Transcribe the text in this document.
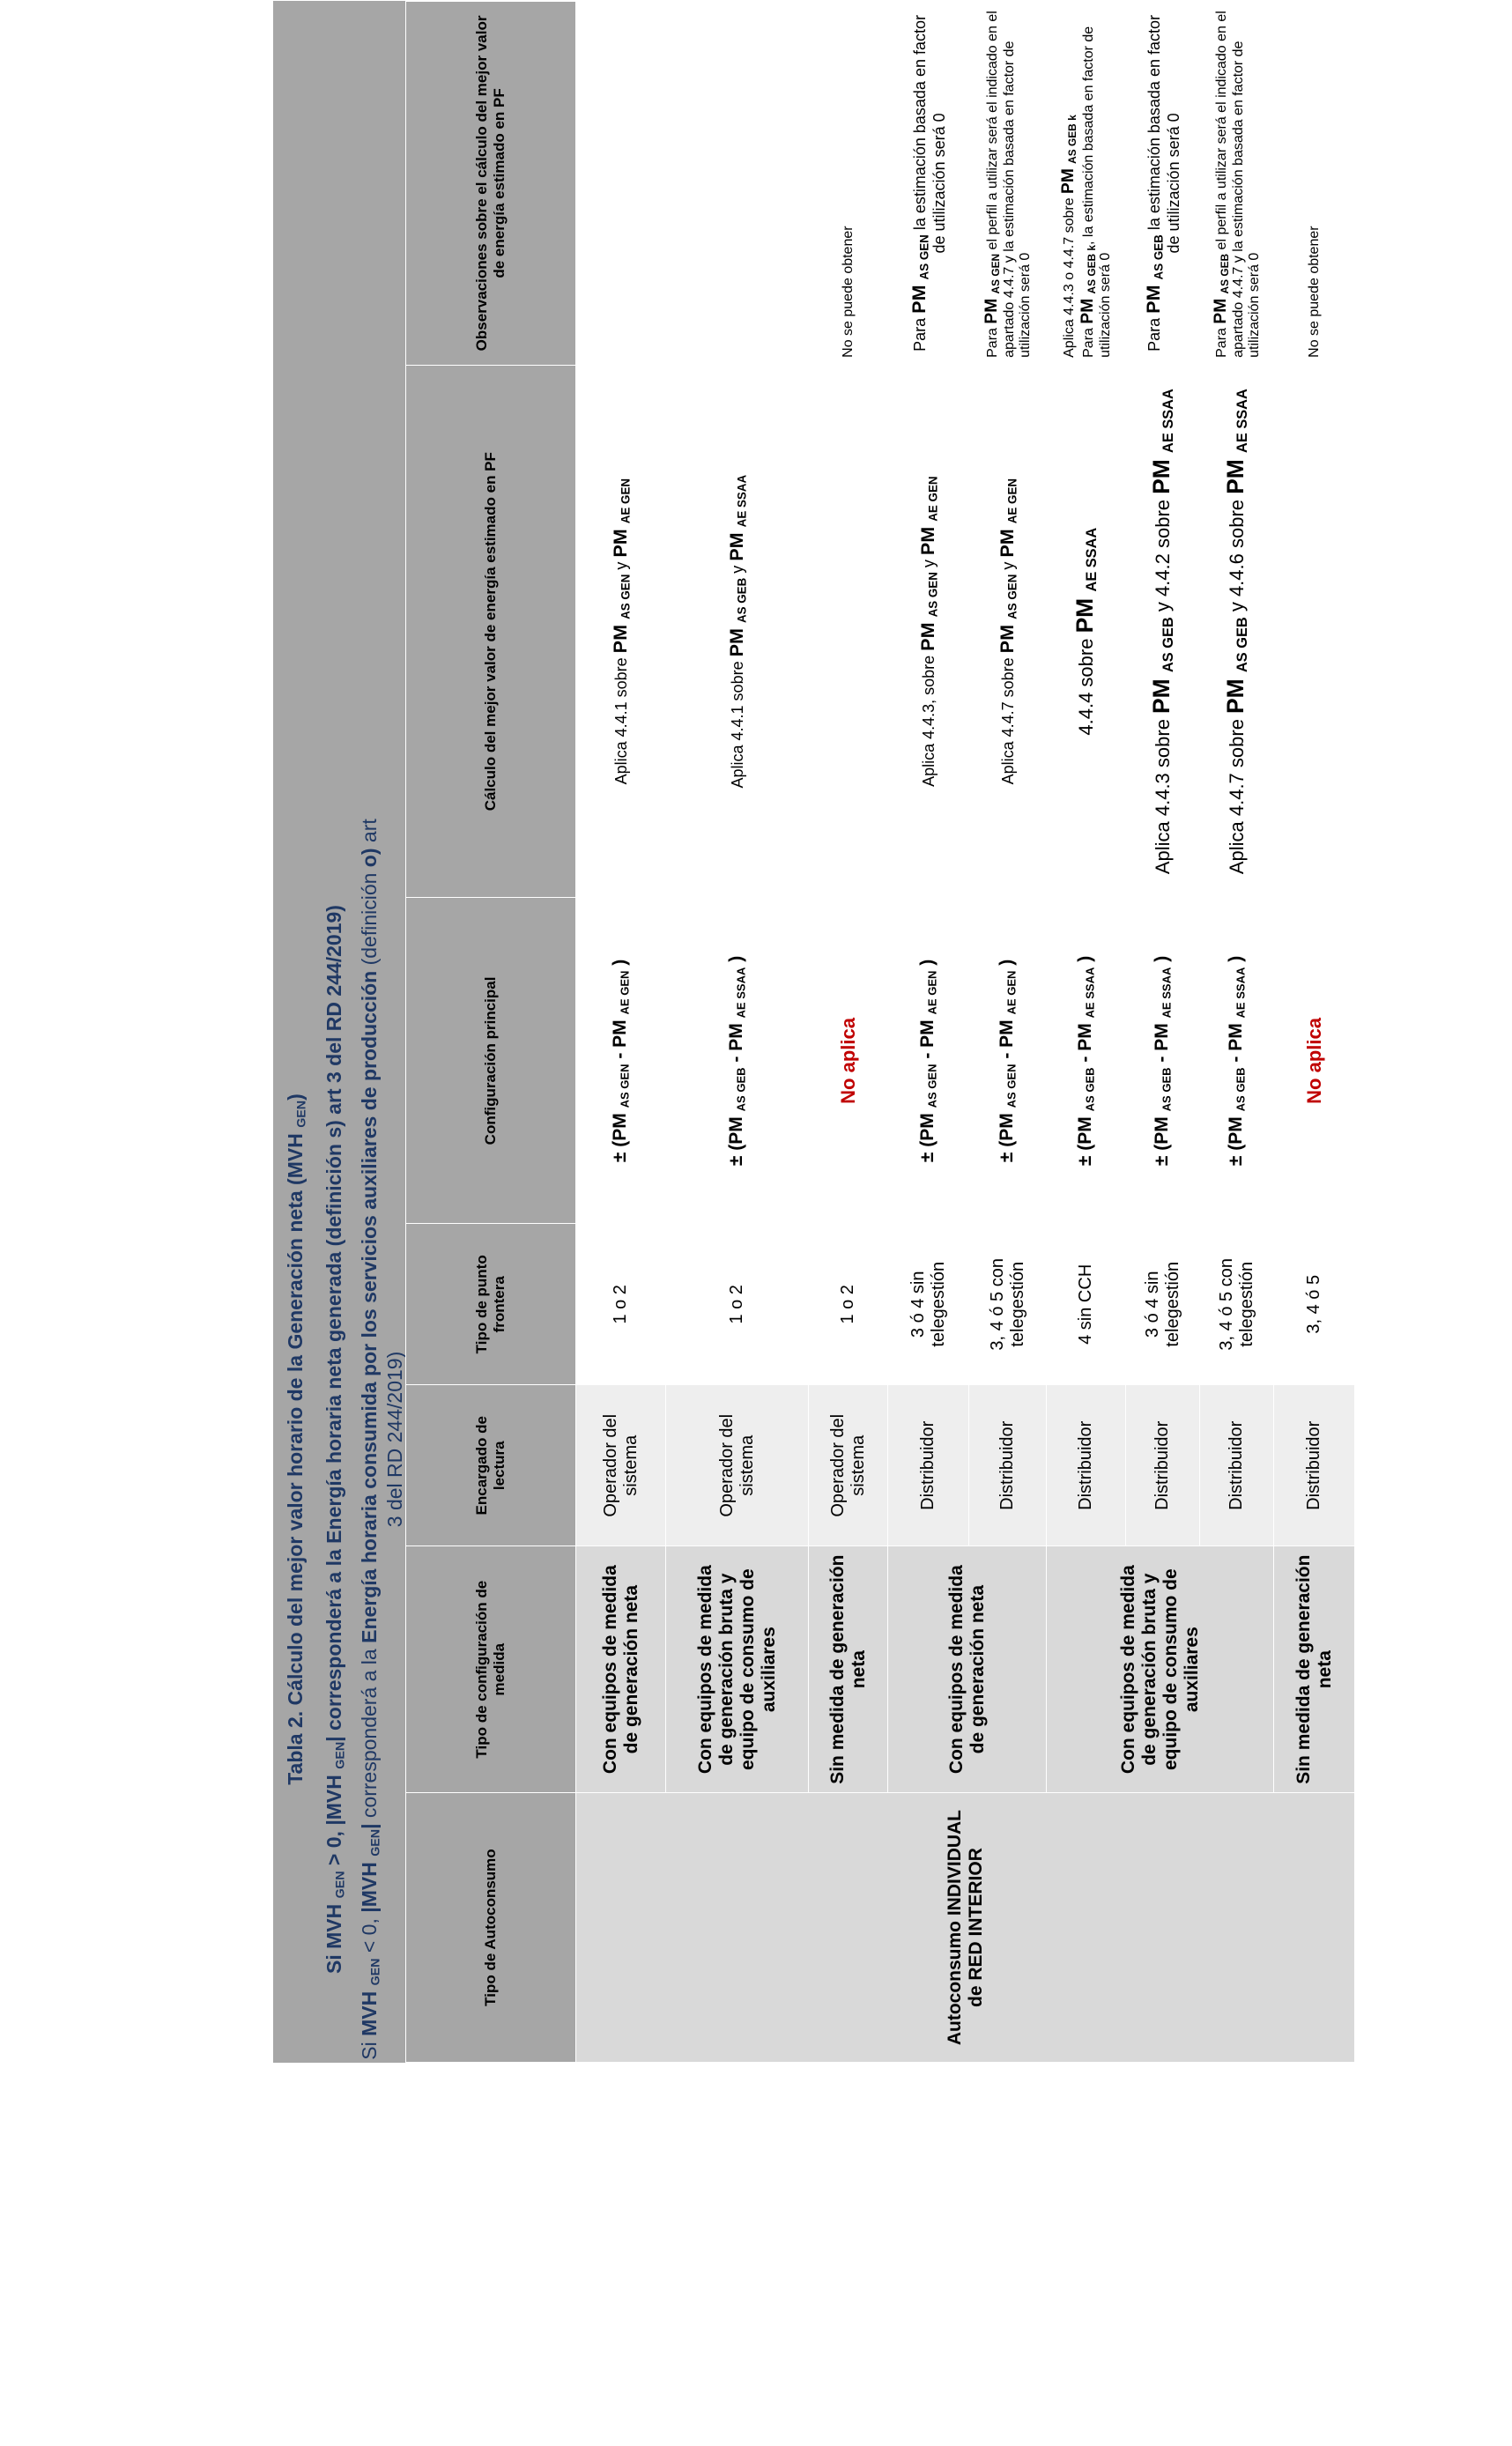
Tabla 2. Cálculo del mejor valor horario de la Generación neta (MVH $_{GEN}$)
Si MVH $_{GEN}$ > 0, |MVH $_{GEN}$| corresponderá a la Energía horaria neta generada (definición s) art 3 del RD 244/2019)
Si MVH $_{GEN}$ < 0, |MVH $_{GEN}$| corresponderá a la Energía horaria consumida por los servicios auxiliares de producción (definición o) art 3 del RD 244/2019)
Tipo de Autoconsumo	Tipo de configuración de medida	Encargado de lectura	Tipo de punto frontera	Configuración principal	Cálculo del mejor valor de energía estimado en PF	Observaciones sobre el cálculo del mejor valor de energía estimado en PF
Autoconsumo INDIVIDUAL de RED INTERIOR	Con equipos de medida de generación neta	Operador del sistema	1 o 2	± (PM $_{AS GEN}$ - PM $_{AE GEN}$ )	Aplica 4.4.1 sobre PM $_{AS GEN}$ y PM $_{AE GEN}$	
	Con equipos de medida de generación bruta y equipo de consumo de auxiliares	Operador del sistema	1 o 2	± (PM $_{AS GEB}$ - PM $_{AE SSAA}$ )	Aplica 4.4.1 sobre PM $_{AS GEB}$ y PM $_{AE SSAA}$	
	Sin medida de generación neta	Operador del sistema	1 o 2	No aplica		No se puede obtener
	Con equipos de medida de generación neta	Distribuidor	3 ó 4 sin telegestión	± (PM $_{AS GEN}$ - PM $_{AE GEN}$ )	Aplica 4.4.3, sobre PM $_{AS GEN}$ y PM $_{AE GEN}$	Para PM $_{AS GEN}$ la estimación basada en factor de utilización será 0
		Distribuidor	3, 4 ó 5 con telegestión	± (PM $_{AS GEN}$ - PM $_{AE GEN}$ )	Aplica 4.4.7 sobre PM $_{AS GEN}$ y PM $_{AE GEN}$	Para PM $_{AS GEN}$ el perfil a utilizar será el indicado en el apartado 4.4.7 y la estimación basada en factor de utilización será 0
	Con equipos de medida de generación bruta y equipo de consumo de auxiliares	Distribuidor	4 sin CCH	± (PM $_{AS GEB}$ - PM $_{AE SSAA}$ )	4.4.4 sobre PM $_{AE SSAA}$	Aplica 4.4.3 o 4.4.7 sobre PM $_{AS GEB k}$
Para PM $_{AS GEB k}$, la estimación basada en factor de utilización será 0
		Distribuidor	3 ó 4 sin telegestión	± (PM $_{AS GEB}$ - PM $_{AE SSAA}$ )	Aplica 4.4.3 sobre PM $_{AS GEB}$ y 4.4.2 sobre PM $_{AE SSAA}$	Para PM $_{AS GEB}$ la estimación basada en factor de utilización será 0
		Distribuidor	3, 4 ó 5 con telegestión	± (PM $_{AS GEB}$ - PM $_{AE SSAA}$ )	Aplica 4.4.7 sobre PM $_{AS GEB}$ y 4.4.6 sobre PM $_{AE SSAA}$	Para PM $_{AS GEB}$ el perfil a utilizar será el indicado en el apartado 4.4.7 y la estimación basada en factor de utilización será 0
	Sin medida de generación neta	Distribuidor	3, 4 ó 5	No aplica		No se puede obtener
